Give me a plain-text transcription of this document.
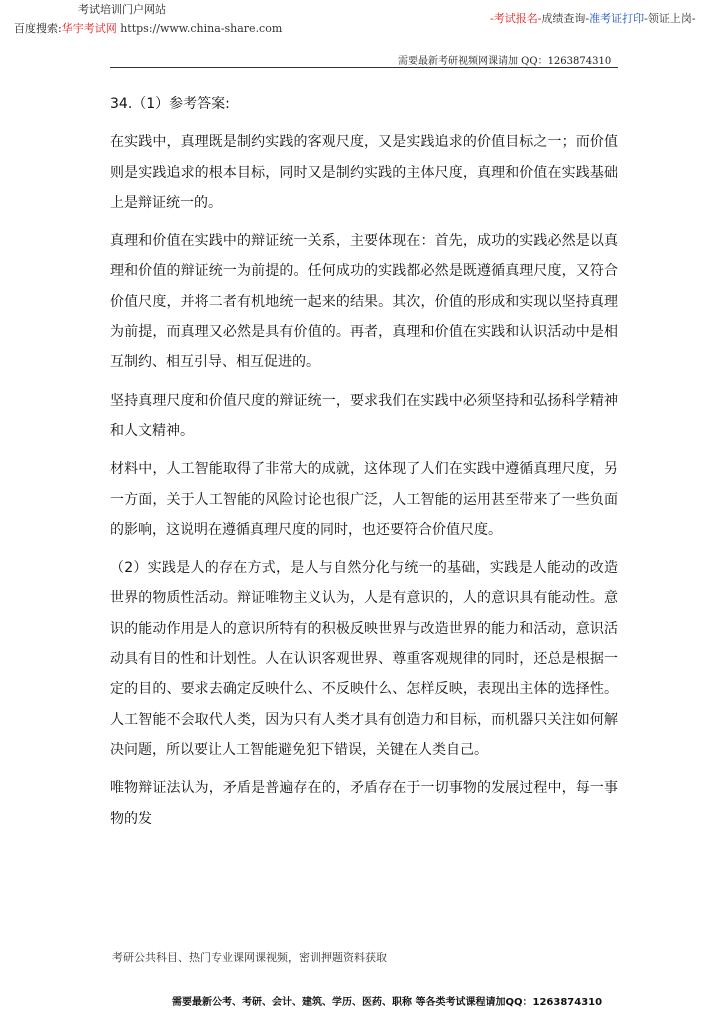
考试培训门户网站
百度搜索:华宇考试网 https://www.china-share.com
-考试报名-成绩查询-准考证打印-领证上岗-
需要最新考研视频网课请加 QQ：1263874310

34.（1）参考答案:

在实践中，真理既是制约实践的客观尺度，又是实践追求的价值目标之一；而价值则是实践追求的根本目标，同时又是制约实践的主体尺度，真理和价值在实践基础上是辩证统一的。

真理和价值在实践中的辩证统一关系，主要体现在：首先，成功的实践必然是以真理和价值的辩证统一为前提的。任何成功的实践都必然是既遵循真理尺度，又符合价值尺度，并将二者有机地统一起来的结果。其次，价值的形成和实现以坚持真理为前提，而真理又必然是具有价值的。再者，真理和价值在实践和认识活动中是相互制约、相互引导、相互促进的。

坚持真理尺度和价值尺度的辩证统一，要求我们在实践中必须坚持和弘扬科学精神和人文精神。

材料中，人工智能取得了非常大的成就，这体现了人们在实践中遵循真理尺度，另一方面，关于人工智能的风险讨论也很广泛，人工智能的运用甚至带来了一些负面的影响，这说明在遵循真理尺度的同时，也还要符合价值尺度。

（2）实践是人的存在方式，是人与自然分化与统一的基础，实践是人能动的改造世界的物质性活动。辩证唯物主义认为，人是有意识的，人的意识具有能动性。意识的能动作用是人的意识所特有的积极反映世界与改造世界的能力和活动，意识活动具有目的性和计划性。人在认识客观世界、尊重客观规律的同时，还总是根据一定的目的、要求去确定反映什么、不反映什么、怎样反映，表现出主体的选择性。人工智能不会取代人类，因为只有人类才具有创造力和目标，而机器只关注如何解决问题，所以要让人工智能避免犯下错误，关键在人类自己。

唯物辩证法认为，矛盾是普遍存在的，矛盾存在于一切事物的发展过程中，每一事物的发

考研公共科目、热门专业课网课视频，密训押题资料获取
需要最新公考、考研、会计、建筑、学历、医药、职称 等各类考试课程请加QQ：1263874310
